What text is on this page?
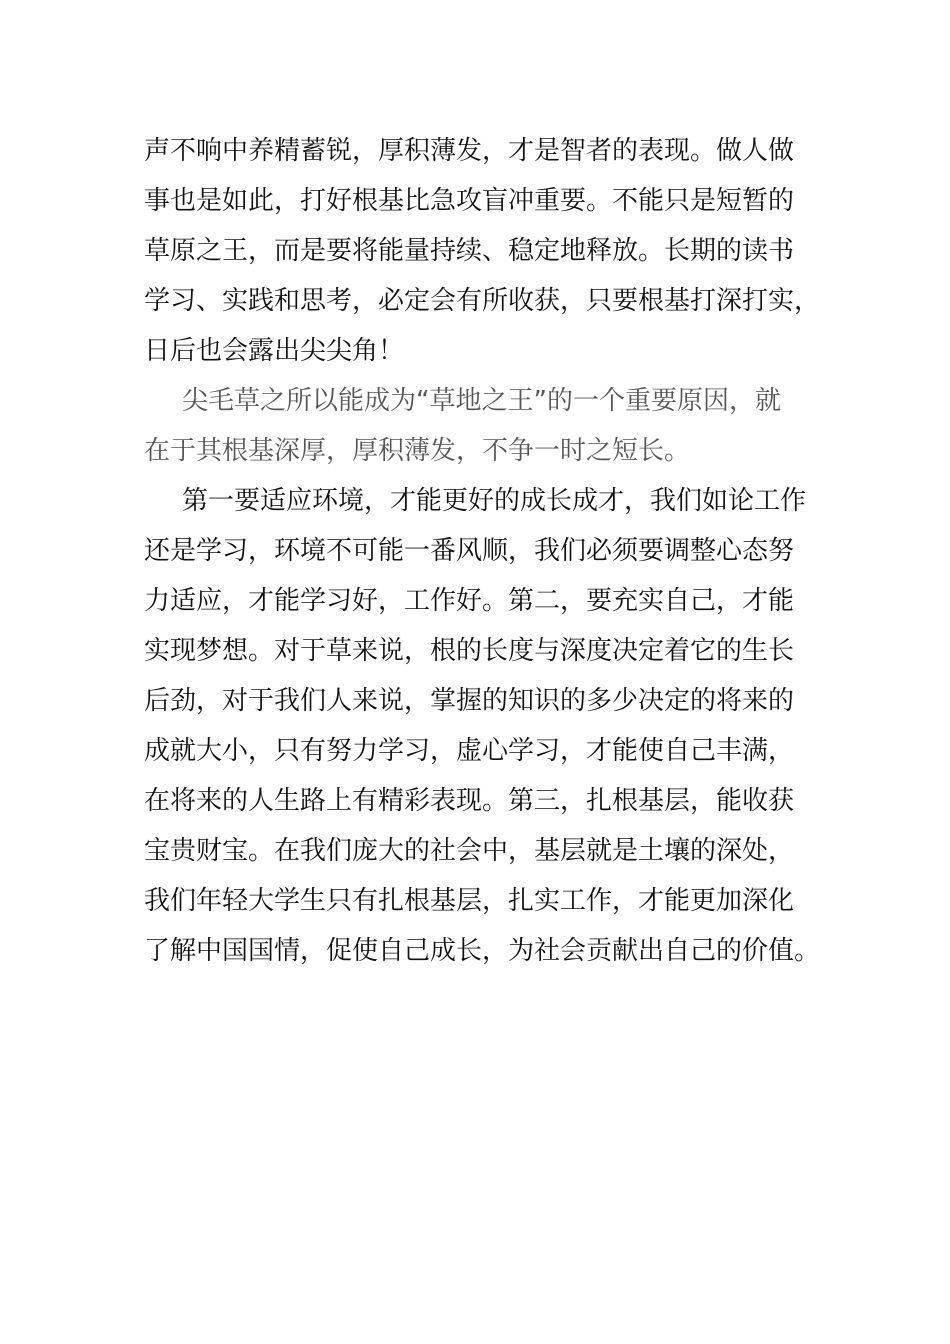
声不响中养精蓄锐，厚积薄发，才是智者的表现。做人做
事也是如此，打好根基比急攻盲冲重要。不能只是短暂的
草原之王，而是要将能量持续、稳定地释放。长期的读书
学习、实践和思考，必定会有所收获，只要根基打深打实，
日后也会露出尖尖角！
尖毛草之所以能成为“草地之王”的一个重要原因，就
在于其根基深厚，厚积薄发，不争一时之短长。
第一要适应环境，才能更好的成长成才，我们如论工作
还是学习，环境不可能一番风顺，我们必须要调整心态努
力适应，才能学习好，工作好。第二，要充实自己，才能
实现梦想。对于草来说，根的长度与深度决定着它的生长
后劲，对于我们人来说，掌握的知识的多少决定的将来的
成就大小，只有努力学习，虚心学习，才能使自己丰满，
在将来的人生路上有精彩表现。第三，扎根基层，能收获
宝贵财宝。在我们庞大的社会中，基层就是土壤的深处，
我们年轻大学生只有扎根基层，扎实工作，才能更加深化
了解中国国情，促使自己成长，为社会贡献出自己的价值。
